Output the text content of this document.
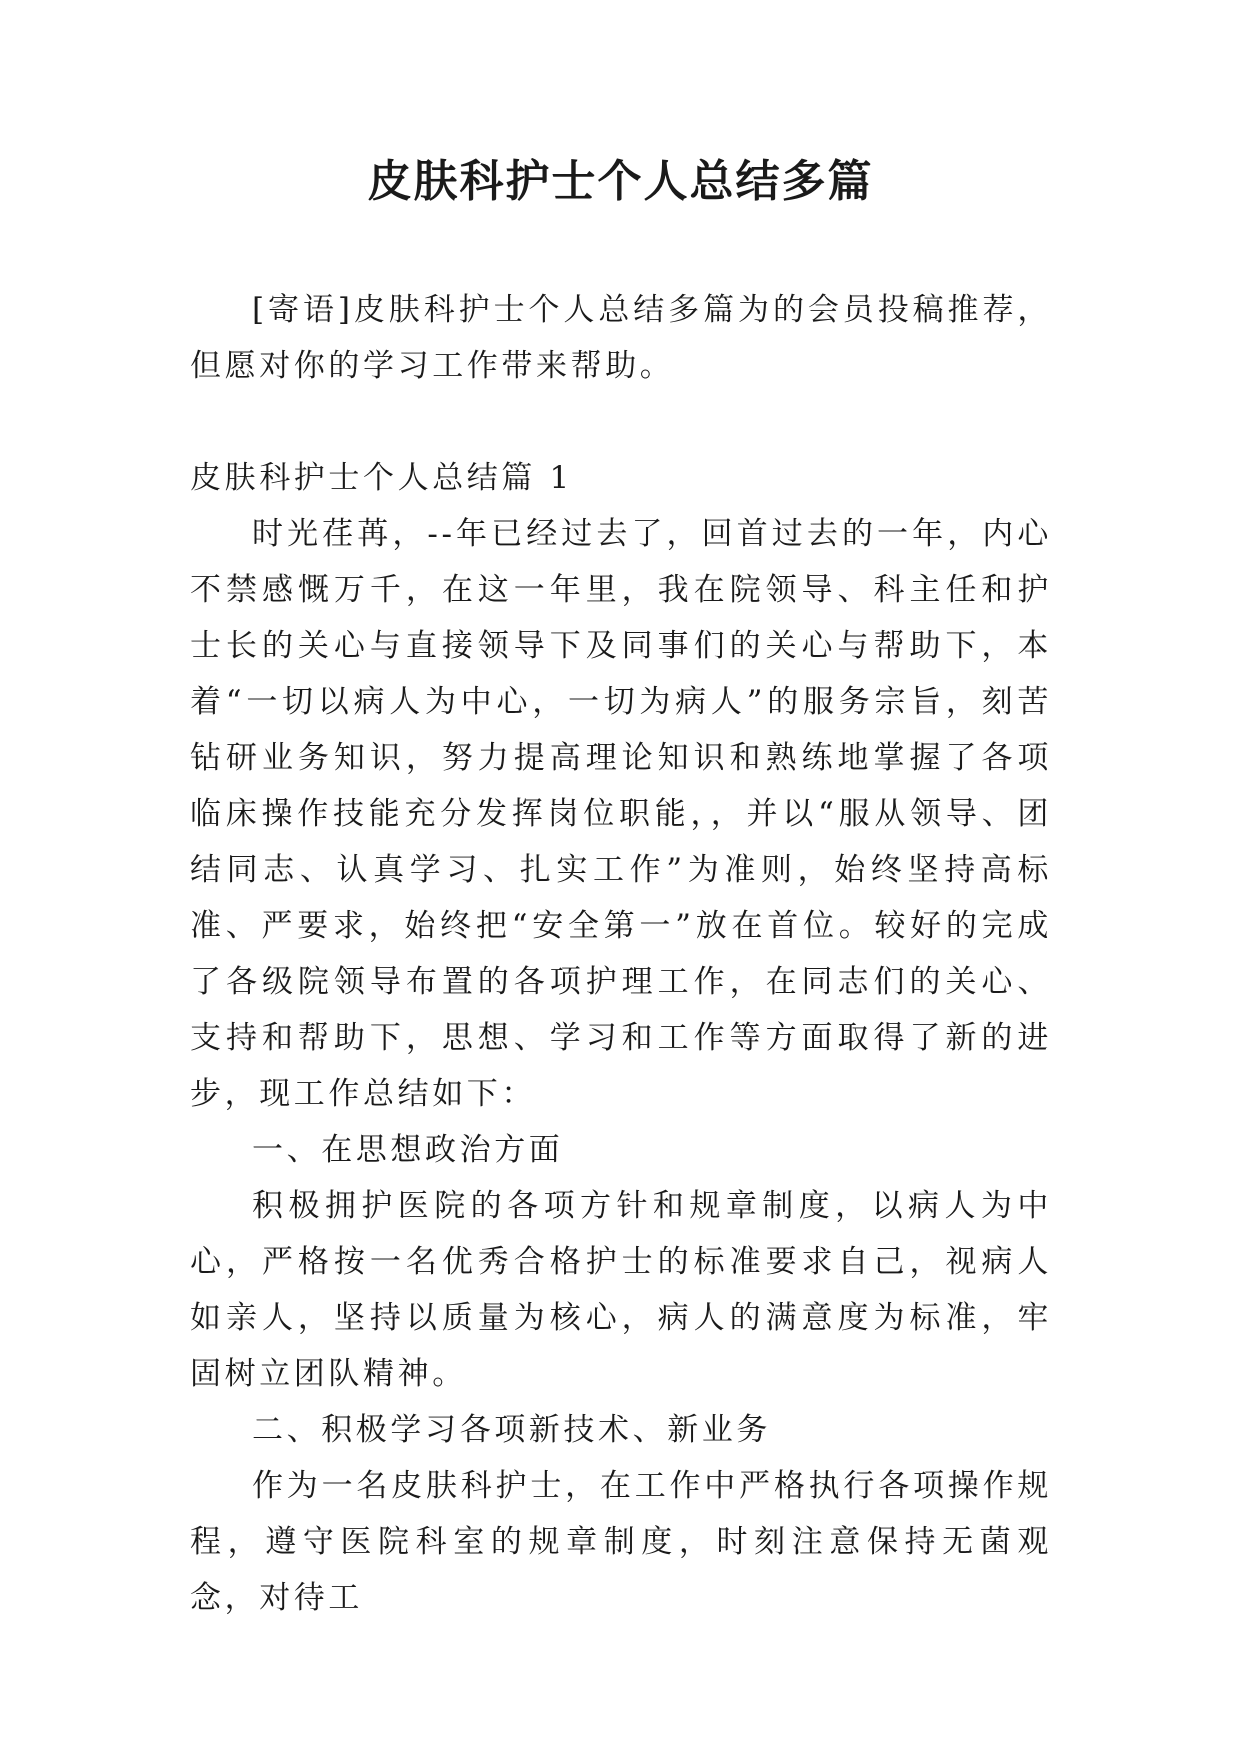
皮肤科护士个人总结多篇

[寄语]皮肤科护士个人总结多篇为的会员投稿推荐，但愿对你的学习工作带来帮助。

皮肤科护士个人总结篇 1

时光荏苒，--年已经过去了，回首过去的一年，内心不禁感慨万千，在这一年里，我在院领导、科主任和护士长的关心与直接领导下及同事们的关心与帮助下，本着“一切以病人为中心，一切为病人”的服务宗旨，刻苦钻研业务知识，努力提高理论知识和熟练地掌握了各项临床操作技能充分发挥岗位职能，，并以“服从领导、团结同志、认真学习、扎实工作”为准则，始终坚持高标准、严要求，始终把“安全第一”放在首位。较好的完成了各级院领导布置的各项护理工作，在同志们的关心、支持和帮助下，思想、学习和工作等方面取得了新的进步，现工作总结如下：

一、在思想政治方面

积极拥护医院的各项方针和规章制度，以病人为中心，严格按一名优秀合格护士的标准要求自己，视病人如亲人，坚持以质量为核心，病人的满意度为标准，牢固树立团队精神。

二、积极学习各项新技术、新业务

作为一名皮肤科护士，在工作中严格执行各项操作规程，遵守医院科室的规章制度，时刻注意保持无菌观念，对待工
